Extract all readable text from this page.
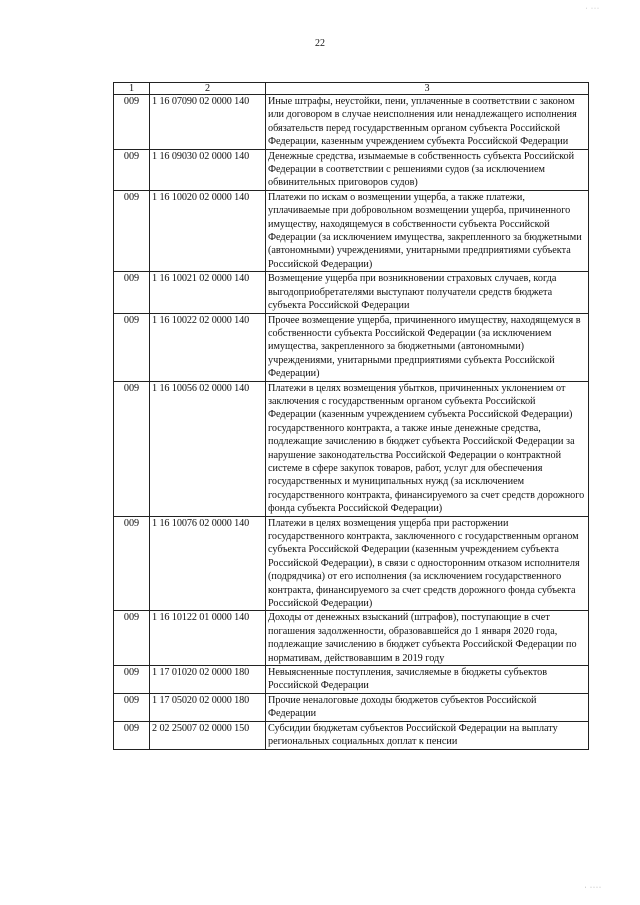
· ···
22
1	2	3
009	1 16 07090 02 0000 140	Иные штрафы, неустойки, пени, уплаченные в соответствии с законом или договором в случае неисполнения или ненадлежащего исполнения обязательств перед государственным органом субъекта Российской Федерации, казенным учреждением субъекта Российской Федерации
009	1 16 09030 02 0000 140	Денежные средства, изымаемые в собственность субъекта Российской Федерации в соответствии с решениями судов (за исключением обвинительных приговоров судов)
009	1 16 10020 02 0000 140	Платежи по искам о возмещении ущерба, а также платежи, уплачиваемые при добровольном возмещении ущерба, причиненного имуществу, находящемуся в собственности субъекта Российской Федерации (за исключением имущества, закрепленного за бюджетными (автономными) учреждениями, унитарными предприятиями субъекта Российской Федерации)
009	1 16 10021 02 0000 140	Возмещение ущерба при возникновении страховых случаев, когда выгодоприобретателями выступают получатели средств бюджета субъекта Российской Федерации
009	1 16 10022 02 0000 140	Прочее возмещение ущерба, причиненного имуществу, находящемуся в собственности субъекта Российской Федерации (за исключением имущества, закрепленного за бюджетными (автономными) учреждениями, унитарными предприятиями субъекта Российской Федерации)
009	1 16 10056 02 0000 140	Платежи в целях возмещения убытков, причиненных уклонением от заключения с государственным органом субъекта Российской Федерации (казенным учреждением субъекта Российской Федерации) государственного контракта, а также иные денежные средства, подлежащие зачислению в бюджет субъекта Российской Федерации за нарушение законодательства Российской Федерации о контрактной системе в сфере закупок товаров, работ, услуг для обеспечения государственных и муниципальных нужд (за исключением государственного контракта, финансируемого за счет средств дорожного фонда субъекта Российской Федерации)
009	1 16 10076 02 0000 140	Платежи в целях возмещения ущерба при расторжении государственного контракта, заключенного с государственным органом субъекта Российской Федерации (казенным учреждением субъекта Российской Федерации), в связи с односторонним отказом исполнителя (подрядчика) от его исполнения (за исключением государственного контракта, финансируемого за счет средств дорожного фонда субъекта Российской Федерации)
009	1 16 10122 01 0000 140	Доходы от денежных взысканий (штрафов), поступающие в счет погашения задолженности, образовавшейся до 1 января 2020 года, подлежащие зачислению в бюджет субъекта Российской Федерации по нормативам, действовавшим в 2019 году
009	1 17 01020 02 0000 180	Невыясненные поступления, зачисляемые в бюджеты субъектов Российской Федерации
009	1 17 05020 02 0000 180	Прочие неналоговые доходы бюджетов субъектов Российской Федерации
009	2 02 25007 02 0000 150	Субсидии бюджетам субъектов Российской Федерации на выплату региональных социальных доплат к пенсии
· ····
